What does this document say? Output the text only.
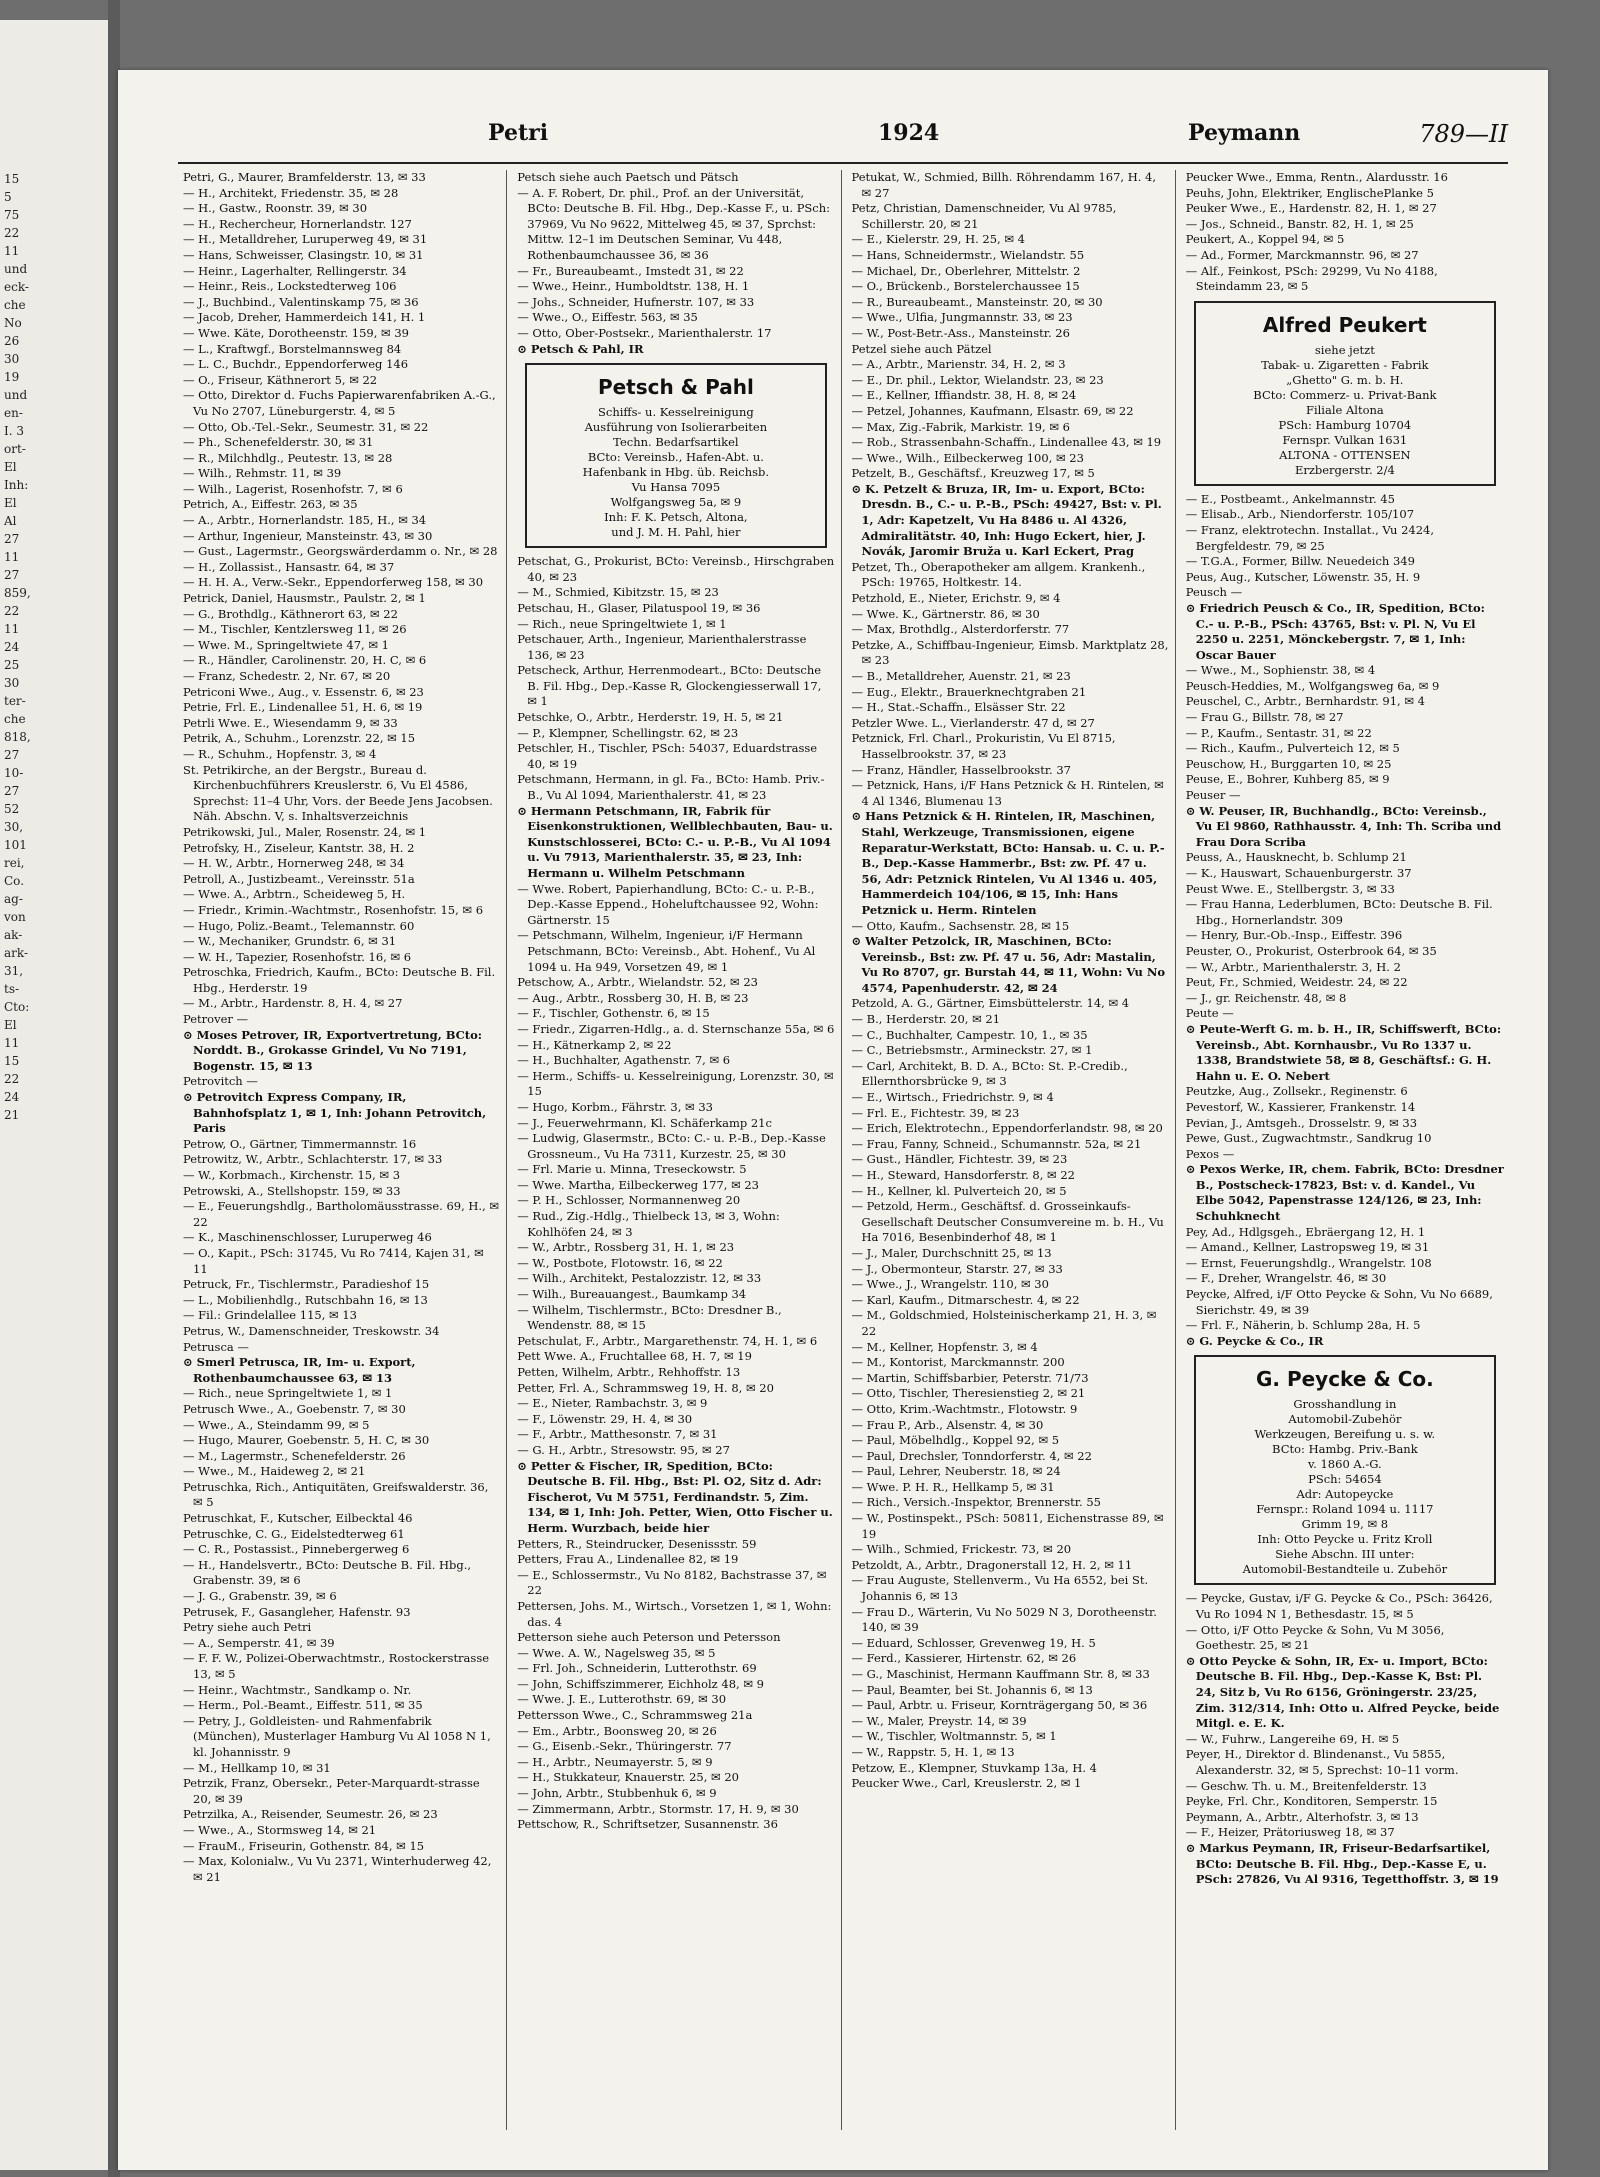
15
5
75
22
11
und
eck-
che
No
26
30
19
und
en-
I. 3
ort-
El
Inh:
El
Al
27
11
27
859,
22
11
24
25
30
ter-
che
818,
27
10-
27
52
30,
101
rei,
Co.
ag-
von
ak-
ark-
31,
ts-
Cto:
El
11
15
22
24
21
Petri	1924	Peymann	789—II
Petri, G., Maurer, Bramfelderstr. 13, ✉ 33
— H., Architekt, Friedenstr. 35, ✉ 28
— H., Gastw., Roonstr. 39, ✉ 30
— H., Rechercheur, Hornerlandstr. 127
— H., Metalldreher, Luruperweg 49, ✉ 31
— Hans, Schweisser, Clasingstr. 10, ✉ 31
— Heinr., Lagerhalter, Rellingerstr. 34
— Heinr., Reis., Lockstedterweg 106
— J., Buchbind., Valentinskamp 75, ✉ 36
— Jacob, Dreher, Hammerdeich 141, H. 1
— Wwe. Käte, Dorotheenstr. 159, ✉ 39
— L., Kraftwgf., Borstelmannsweg 84
— L. C., Buchdr., Eppendorferweg 146
— O., Friseur, Käthnerort 5, ✉ 22
— Otto, Direktor d. Fuchs Papierwarenfabriken A.-G., Vu No 2707, Lüneburgerstr. 4, ✉ 5
— Otto, Ob.-Tel.-Sekr., Seumestr. 31, ✉ 22
— Ph., Schenefelderstr. 30, ✉ 31
— R., Milchhdlg., Peutestr. 13, ✉ 28
— Wilh., Rehmstr. 11, ✉ 39
— Wilh., Lagerist, Rosenhofstr. 7, ✉ 6
Petrich, A., Eiffestr. 263, ✉ 35
— A., Arbtr., Hornerlandstr. 185, H., ✉ 34
— Arthur, Ingenieur, Mansteinstr. 43, ✉ 30
— Gust., Lagermstr., Georgswärderdamm o. Nr., ✉ 28
— H., Zollassist., Hansastr. 64, ✉ 37
— H. H. A., Verw.-Sekr., Eppendorferweg 158, ✉ 30
Petrick, Daniel, Hausmstr., Paulstr. 2, ✉ 1
— G., Brothdlg., Käthnerort 63, ✉ 22
— M., Tischler, Kentzlersweg 11, ✉ 26
— Wwe. M., Springeltwiete 47, ✉ 1
— R., Händler, Carolinenstr. 20, H. C, ✉ 6
— Franz, Schedestr. 2, Nr. 67, ✉ 20
Petriconi Wwe., Aug., v. Essenstr. 6, ✉ 23
Petrie, Frl. E., Lindenallee 51, H. 6, ✉ 19
Petrli Wwe. E., Wiesendamm 9, ✉ 33
Petrik, A., Schuhm., Lorenzstr. 22, ✉ 15
— R., Schuhm., Hopfenstr. 3, ✉ 4
St. Petrikirche, an der Bergstr., Bureau d. Kirchenbuchführers Kreuslerstr. 6, Vu El 4586, Sprechst: 11–4 Uhr, Vors. der Beede Jens Jacobsen. Näh. Abschn. V, s. Inhaltsverzeichnis
Petrikowski, Jul., Maler, Rosenstr. 24, ✉ 1
Petrofsky, H., Ziseleur, Kantstr. 38, H. 2
— H. W., Arbtr., Hornerweg 248, ✉ 34
Petroll, A., Justizbeamt., Vereinsstr. 51a
— Wwe. A., Arbtrn., Scheideweg 5, H.
— Friedr., Krimin.-Wachtmstr., Rosenhofstr. 15, ✉ 6
— Hugo, Poliz.-Beamt., Telemannstr. 60
— W., Mechaniker, Grundstr. 6, ✉ 31
— W. H., Tapezier, Rosenhofstr. 16, ✉ 6
Petroschka, Friedrich, Kaufm., BCto: Deutsche B. Fil. Hbg., Herderstr. 19
— M., Arbtr., Hardenstr. 8, H. 4, ✉ 27
Petrover —
⊙ Moses Petrover, IR, Exportvertretung, BCto: Norddt. B., Grokasse Grindel, Vu No 7191, Bogenstr. 15, ✉ 13
Petrovitch —
⊙ Petrovitch Express Company, IR, Bahnhofsplatz 1, ✉ 1, Inh: Johann Petrovitch, Paris
Petrow, O., Gärtner, Timmermannstr. 16
Petrowitz, W., Arbtr., Schlachterstr. 17, ✉ 33
— W., Korbmach., Kirchenstr. 15, ✉ 3
Petrowski, A., Stellshopstr. 159, ✉ 33
— E., Feuerungshdlg., Bartholomäusstrasse. 69, H., ✉ 22
— K., Maschinenschlosser, Luruperweg 46
— O., Kapit., PSch: 31745, Vu Ro 7414, Kajen 31, ✉ 11
Petruck, Fr., Tischlermstr., Paradieshof 15
— L., Mobilienhdlg., Rutschbahn 16, ✉ 13
— Fil.: Grindelallee 115, ✉ 13
Petrus, W., Damenschneider, Treskowstr. 34
Petrusca —
⊙ Smerl Petrusca, IR, Im- u. Export, Rothenbaumchaussee 63, ✉ 13
— Rich., neue Springeltwiete 1, ✉ 1
Petrusch Wwe., A., Goebenstr. 7, ✉ 30
— Wwe., A., Steindamm 99, ✉ 5
— Hugo, Maurer, Goebenstr. 5, H. C, ✉ 30
— M., Lagermstr., Schenefelderstr. 26
— Wwe., M., Haideweg 2, ✉ 21
Petruschka, Rich., Antiquitäten, Greifswalderstr. 36, ✉ 5
Petruschkat, F., Kutscher, Eilbecktal 46
Petruschke, C. G., Eidelstedterweg 61
— C. R., Postassist., Pinnebergerweg 6
— H., Handelsvertr., BCto: Deutsche B. Fil. Hbg., Grabenstr. 39, ✉ 6
— J. G., Grabenstr. 39, ✉ 6
Petrusek, F., Gasangleher, Hafenstr. 93
Petry siehe auch Petri
— A., Semperstr. 41, ✉ 39
— F. F. W., Polizei-Oberwachtmstr., Rostockerstrasse 13, ✉ 5
— Heinr., Wachtmstr., Sandkamp o. Nr.
— Herm., Pol.-Beamt., Eiffestr. 511, ✉ 35
— Petry, J., Goldleisten- und Rahmenfabrik (München), Musterlager Hamburg Vu Al 1058 N 1, kl. Johannisstr. 9
— M., Hellkamp 10, ✉ 31
Petrzik, Franz, Obersekr., Peter-Marquardt-strasse 20, ✉ 39
Petrzilka, A., Reisender, Seumestr. 26, ✉ 23
— Wwe., A., Stormsweg 14, ✉ 21
— FrauM., Friseurin, Gothenstr. 84, ✉ 15
— Max, Kolonialw., Vu Vu 2371, Winterhuderweg 42, ✉ 21
Petsch siehe auch Paetsch und Pätsch
— A. F. Robert, Dr. phil., Prof. an der Universität, BCto: Deutsche B. Fil. Hbg., Dep.-Kasse F., u. PSch: 37969, Vu No 9622, Mittelweg 45, ✉ 37, Sprchst: Mittw. 12–1 im Deutschen Seminar, Vu 448, Rothenbaumchaussee 36, ✉ 36
— Fr., Bureaubeamt., Imstedt 31, ✉ 22
— Wwe., Heinr., Humboldtstr. 138, H. 1
— Johs., Schneider, Hufnerstr. 107, ✉ 33
— Wwe., O., Eiffestr. 563, ✉ 35
— Otto, Ober-Postsekr., Marienthalerstr. 17
⊙ Petsch & Pahl, IR
Petsch & Pahl
Schiffs- u. Kesselreinigung
Ausführung von Isolierarbeiten
Techn. Bedarfsartikel
BCto: Vereinsb., Hafen-Abt. u.
Hafenbank in Hbg. üb. Reichsb.
Vu Hansa 7095
Wolfgangsweg 5a, ✉ 9
Inh: F. K. Petsch, Altona,
und J. M. H. Pahl, hier
Petschat, G., Prokurist, BCto: Vereinsb., Hirschgraben 40, ✉ 23
— M., Schmied, Kibitzstr. 15, ✉ 23
Petschau, H., Glaser, Pilatuspool 19, ✉ 36
— Rich., neue Springeltwiete 1, ✉ 1
Petschauer, Arth., Ingenieur, Marienthalerstrasse 136, ✉ 23
Petscheck, Arthur, Herrenmodeart., BCto: Deutsche B. Fil. Hbg., Dep.-Kasse R, Glockengiesserwall 17, ✉ 1
Petschke, O., Arbtr., Herderstr. 19, H. 5, ✉ 21
— P., Klempner, Schellingstr. 62, ✉ 23
Petschler, H., Tischler, PSch: 54037, Eduardstrasse 40, ✉ 19
Petschmann, Hermann, in gl. Fa., BCto: Hamb. Priv.-B., Vu Al 1094, Marienthalerstr. 41, ✉ 23
⊙ Hermann Petschmann, IR, Fabrik für Eisenkonstruktionen, Wellblechbauten, Bau- u. Kunstschlosserei, BCto: C.- u. P.-B., Vu Al 1094 u. Vu 7913, Marienthalerstr. 35, ✉ 23, Inh: Hermann u. Wilhelm Petschmann
— Wwe. Robert, Papierhandlung, BCto: C.- u. P.-B., Dep.-Kasse Eppend., Hoheluftchaussee 92, Wohn: Gärtnerstr. 15
— Petschmann, Wilhelm, Ingenieur, i/F Hermann Petschmann, BCto: Vereinsb., Abt. Hohenf., Vu Al 1094 u. Ha 949, Vorsetzen 49, ✉ 1
Petschow, A., Arbtr., Wielandstr. 52, ✉ 23
— Aug., Arbtr., Rossberg 30, H. B, ✉ 23
— F., Tischler, Gothenstr. 6, ✉ 15
— Friedr., Zigarren-Hdlg., a. d. Sternschanze 55a, ✉ 6
— H., Kätnerkamp 2, ✉ 22
— H., Buchhalter, Agathenstr. 7, ✉ 6
— Herm., Schiffs- u. Kesselreinigung, Lorenzstr. 30, ✉ 15
— Hugo, Korbm., Fährstr. 3, ✉ 33
— J., Feuerwehrmann, Kl. Schäferkamp 21c
— Ludwig, Glasermstr., BCto: C.- u. P.-B., Dep.-Kasse Grossneum., Vu Ha 7311, Kurzestr. 25, ✉ 30
— Frl. Marie u. Minna, Treseckowstr. 5
— Wwe. Martha, Eilbeckerweg 177, ✉ 23
— P. H., Schlosser, Normannenweg 20
— Rud., Zig.-Hdlg., Thielbeck 13, ✉ 3, Wohn: Kohlhöfen 24, ✉ 3
— W., Arbtr., Rossberg 31, H. 1, ✉ 23
— W., Postbote, Flotowstr. 16, ✉ 22
— Wilh., Architekt, Pestalozzistr. 12, ✉ 33
— Wilh., Bureauangest., Baumkamp 34
— Wilhelm, Tischlermstr., BCto: Dresdner B., Wendenstr. 88, ✉ 15
Petschulat, F., Arbtr., Margarethenstr. 74, H. 1, ✉ 6
Pett Wwe. A., Fruchtallee 68, H. 7, ✉ 19
Petten, Wilhelm, Arbtr., Rehhoffstr. 13
Petter, Frl. A., Schrammsweg 19, H. 8, ✉ 20
— E., Nieter, Rambachstr. 3, ✉ 9
— F., Löwenstr. 29, H. 4, ✉ 30
— F., Arbtr., Matthesonstr. 7, ✉ 31
— G. H., Arbtr., Stresowstr. 95, ✉ 27
⊙ Petter & Fischer, IR, Spedition, BCto: Deutsche B. Fil. Hbg., Bst: Pl. O2, Sitz d. Adr: Fischerot, Vu M 5751, Ferdinandstr. 5, Zim. 134, ✉ 1, Inh: Joh. Petter, Wien, Otto Fischer u. Herm. Wurzbach, beide hier
Petters, R., Steindrucker, Desenissstr. 59
Petters, Frau A., Lindenallee 82, ✉ 19
— E., Schlossermstr., Vu No 8182, Bachstrasse 37, ✉ 22
Pettersen, Johs. M., Wirtsch., Vorsetzen 1, ✉ 1, Wohn: das. 4
Petterson siehe auch Peterson und Petersson
— Wwe. A. W., Nagelsweg 35, ✉ 5
— Frl. Joh., Schneiderin, Lutterothstr. 69
— John, Schiffszimmerer, Eichholz 48, ✉ 9
— Wwe. J. E., Lutterothstr. 69, ✉ 30
Pettersson Wwe., C., Schrammsweg 21a
— Em., Arbtr., Boonsweg 20, ✉ 26
— G., Eisenb.-Sekr., Thüringerstr. 77
— H., Arbtr., Neumayerstr. 5, ✉ 9
— H., Stukkateur, Knauerstr. 25, ✉ 20
— John, Arbtr., Stubbenhuk 6, ✉ 9
— Zimmermann, Arbtr., Stormstr. 17, H. 9, ✉ 30
Pettschow, R., Schriftsetzer, Susannenstr. 36
Petukat, W., Schmied, Billh. Röhrendamm 167, H. 4, ✉ 27
Petz, Christian, Damenschneider, Vu Al 9785, Schillerstr. 20, ✉ 21
— E., Kielerstr. 29, H. 25, ✉ 4
— Hans, Schneidermstr., Wielandstr. 55
— Michael, Dr., Oberlehrer, Mittelstr. 2
— O., Brückenb., Borstelerchaussee 15
— R., Bureaubeamt., Mansteinstr. 20, ✉ 30
— Wwe., Ulfia, Jungmannstr. 33, ✉ 23
— W., Post-Betr.-Ass., Mansteinstr. 26
Petzel siehe auch Pätzel
— A., Arbtr., Marienstr. 34, H. 2, ✉ 3
— E., Dr. phil., Lektor, Wielandstr. 23, ✉ 23
— E., Kellner, Iffiandstr. 38, H. 8, ✉ 24
— Petzel, Johannes, Kaufmann, Elsastr. 69, ✉ 22
— Max, Zig.-Fabrik, Markistr. 19, ✉ 6
— Rob., Strassenbahn-Schaffn., Lindenallee 43, ✉ 19
— Wwe., Wilh., Eilbeckerweg 100, ✉ 23
Petzelt, B., Geschäftsf., Kreuzweg 17, ✉ 5
⊙ K. Petzelt & Bruza, IR, Im- u. Export, BCto: Dresdn. B., C.- u. P.-B., PSch: 49427, Bst: v. Pl. 1, Adr: Kapetzelt, Vu Ha 8486 u. Al 4326, Admiralitätstr. 40, Inh: Hugo Eckert, hier, J. Novák, Jaromir Bruža u. Karl Eckert, Prag
Petzet, Th., Oberapotheker am allgem. Krankenh., PSch: 19765, Holtkestr. 14.
Petzhold, E., Nieter, Erichstr. 9, ✉ 4
— Wwe. K., Gärtnerstr. 86, ✉ 30
— Max, Brothdlg., Alsterdorferstr. 77
Petzke, A., Schiffbau-Ingenieur, Eimsb. Marktplatz 28, ✉ 23
— B., Metalldreher, Auenstr. 21, ✉ 23
— Eug., Elektr., Brauerknechtgraben 21
— H., Stat.-Schaffn., Elsässer Str. 22
Petzler Wwe. L., Vierlanderstr. 47 d, ✉ 27
Petznick, Frl. Charl., Prokuristin, Vu El 8715, Hasselbrookstr. 37, ✉ 23
— Franz, Händler, Hasselbrookstr. 37
— Petznick, Hans, i/F Hans Petznick & H. Rintelen, ✉ 4 Al 1346, Blumenau 13
⊙ Hans Petznick & H. Rintelen, IR, Maschinen, Stahl, Werkzeuge, Transmissionen, eigene Reparatur-Werkstatt, BCto: Hansab. u. C. u. P.-B., Dep.-Kasse Hammerbr., Bst: zw. Pf. 47 u. 56, Adr: Petznick Rintelen, Vu Al 1346 u. 405, Hammerdeich 104/106, ✉ 15, Inh: Hans Petznick u. Herm. Rintelen
— Otto, Kaufm., Sachsenstr. 28, ✉ 15
⊙ Walter Petzolck, IR, Maschinen, BCto: Vereinsb., Bst: zw. Pf. 47 u. 56, Adr: Mastalin, Vu Ro 8707, gr. Burstah 44, ✉ 11, Wohn: Vu No 4574, Papenhuderstr. 42, ✉ 24
Petzold, A. G., Gärtner, Eimsbüttelerstr. 14, ✉ 4
— B., Herderstr. 20, ✉ 21
— C., Buchhalter, Campestr. 10, 1., ✉ 35
— C., Betriebsmstr., Armineckstr. 27, ✉ 1
— Carl, Architekt, B. D. A., BCto: St. P.-Credib., Ellernthorsbrücke 9, ✉ 3
— E., Wirtsch., Friedrichstr. 9, ✉ 4
— Frl. E., Fichtestr. 39, ✉ 23
— Erich, Elektrotechn., Eppendorferlandstr. 98, ✉ 20
— Frau, Fanny, Schneid., Schumannstr. 52a, ✉ 21
— Gust., Händler, Fichtestr. 39, ✉ 23
— H., Steward, Hansdorferstr. 8, ✉ 22
— H., Kellner, kl. Pulverteich 20, ✉ 5
— Petzold, Herm., Geschäftsf. d. Grosseinkaufs-Gesellschaft Deutscher Consumvereine m. b. H., Vu Ha 7016, Besenbinderhof 48, ✉ 1
— J., Maler, Durchschnitt 25, ✉ 13
— J., Obermonteur, Starstr. 27, ✉ 33
— Wwe., J., Wrangelstr. 110, ✉ 30
— Karl, Kaufm., Ditmarschestr. 4, ✉ 22
— M., Goldschmied, Holsteinischerkamp 21, H. 3, ✉ 22
— M., Kellner, Hopfenstr. 3, ✉ 4
— M., Kontorist, Marckmannstr. 200
— Martin, Schiffsbarbier, Peterstr. 71/73
— Otto, Tischler, Theresienstieg 2, ✉ 21
— Otto, Krim.-Wachtmstr., Flotowstr. 9
— Frau P., Arb., Alsenstr. 4, ✉ 30
— Paul, Möbelhdlg., Koppel 92, ✉ 5
— Paul, Drechsler, Tonndorferstr. 4, ✉ 22
— Paul, Lehrer, Neuberstr. 18, ✉ 24
— Wwe. P. H. R., Hellkamp 5, ✉ 31
— Rich., Versich.-Inspektor, Brennerstr. 55
— W., Postinspekt., PSch: 50811, Eichenstrasse 89, ✉ 19
— Wilh., Schmied, Frickestr. 73, ✉ 20
Petzoldt, A., Arbtr., Dragonerstall 12, H. 2, ✉ 11
— Frau Auguste, Stellenverm., Vu Ha 6552, bei St. Johannis 6, ✉ 13
— Frau D., Wärterin, Vu No 5029 N 3, Dorotheenstr. 140, ✉ 39
— Eduard, Schlosser, Grevenweg 19, H. 5
— Ferd., Kassierer, Hirtenstr. 62, ✉ 26
— G., Maschinist, Hermann Kauffmann Str. 8, ✉ 33
— Paul, Beamter, bei St. Johannis 6, ✉ 13
— Paul, Arbtr. u. Friseur, Kornträgergang 50, ✉ 36
— W., Maler, Preystr. 14, ✉ 39
— W., Tischler, Woltmannstr. 5, ✉ 1
— W., Rappstr. 5, H. 1, ✉ 13
Petzow, E., Klempner, Stuvkamp 13a, H. 4
Peucker Wwe., Carl, Kreuslerstr. 2, ✉ 1
Peucker Wwe., Emma, Rentn., Alardusstr. 16
Peuhs, John, Elektriker, EnglischePlanke 5
Peuker Wwe., E., Hardenstr. 82, H. 1, ✉ 27
— Jos., Schneid., Banstr. 82, H. 1, ✉ 25
Peukert, A., Koppel 94, ✉ 5
— Ad., Former, Marckmannstr. 96, ✉ 27
— Alf., Feinkost, PSch: 29299, Vu No 4188, Steindamm 23, ✉ 5
Alfred Peukert
siehe jetzt
Tabak- u. Zigaretten - Fabrik
„Ghetto" G. m. b. H.
BCto: Commerz- u. Privat-Bank
Filiale Altona
PSch: Hamburg 10704
Fernspr. Vulkan 1631
ALTONA - OTTENSEN
Erzbergerstr. 2/4
— E., Postbeamt., Ankelmannstr. 45
— Elisab., Arb., Niendorferstr. 105/107
— Franz, elektrotechn. Installat., Vu 2424, Bergfeldestr. 79, ✉ 25
— T.G.A., Former, Billw. Neuedeich 349
Peus, Aug., Kutscher, Löwenstr. 35, H. 9
Peusch —
⊙ Friedrich Peusch & Co., IR, Spedition, BCto: C.- u. P.-B., PSch: 43765, Bst: v. Pl. N, Vu El 2250 u. 2251, Mönckebergstr. 7, ✉ 1, Inh: Oscar Bauer
— Wwe., M., Sophienstr. 38, ✉ 4
Peusch-Heddies, M., Wolfgangsweg 6a, ✉ 9
Peuschel, C., Arbtr., Bernhardstr. 91, ✉ 4
— Frau G., Billstr. 78, ✉ 27
— P., Kaufm., Sentastr. 31, ✉ 22
— Rich., Kaufm., Pulverteich 12, ✉ 5
Peuschow, H., Burggarten 10, ✉ 25
Peuse, E., Bohrer, Kuhberg 85, ✉ 9
Peuser —
⊙ W. Peuser, IR, Buchhandlg., BCto: Vereinsb., Vu El 9860, Rathhausstr. 4, Inh: Th. Scriba und Frau Dora Scriba
Peuss, A., Hausknecht, b. Schlump 21
— K., Hauswart, Schauenburgerstr. 37
Peust Wwe. E., Stellbergstr. 3, ✉ 33
— Frau Hanna, Lederblumen, BCto: Deutsche B. Fil. Hbg., Hornerlandstr. 309
— Henry, Bur.-Ob.-Insp., Eiffestr. 396
Peuster, O., Prokurist, Osterbrook 64, ✉ 35
— W., Arbtr., Marienthalerstr. 3, H. 2
Peut, Fr., Schmied, Weidestr. 24, ✉ 22
— J., gr. Reichenstr. 48, ✉ 8
Peute —
⊙ Peute-Werft G. m. b. H., IR, Schiffswerft, BCto: Vereinsb., Abt. Kornhausbr., Vu Ro 1337 u. 1338, Brandstwiete 58, ✉ 8, Geschäftsf.: G. H. Hahn u. E. O. Nebert
Peutzke, Aug., Zollsekr., Reginenstr. 6
Pevestorf, W., Kassierer, Frankenstr. 14
Pevian, J., Amtsgeh., Drosselstr. 9, ✉ 33
Pewe, Gust., Zugwachtmstr., Sandkrug 10
Pexos —
⊙ Pexos Werke, IR, chem. Fabrik, BCto: Dresdner B., Postscheck-17823, Bst: v. d. Kandel., Vu Elbe 5042, Papenstrasse 124/126, ✉ 23, Inh: Schuhknecht
Pey, Ad., Hdlgsgeh., Ebräergang 12, H. 1
— Amand., Kellner, Lastropsweg 19, ✉ 31
— Ernst, Feuerungshdlg., Wrangelstr. 108
— F., Dreher, Wrangelstr. 46, ✉ 30
Peycke, Alfred, i/F Otto Peycke & Sohn, Vu No 6689, Sierichstr. 49, ✉ 39
— Frl. F., Näherin, b. Schlump 28a, H. 5
⊙ G. Peycke & Co., IR
G. Peycke & Co.
Grosshandlung in
Automobil-Zubehör
Werkzeugen, Bereifung u. s. w.
BCto: Hambg. Priv.-Bank
v. 1860 A.-G.
PSch: 54654
Adr: Autopeycke
Fernspr.: Roland 1094 u. 1117
Grimm 19, ✉ 8
Inh: Otto Peycke u. Fritz Kroll
Siehe Abschn. III unter:
Automobil-Bestandteile u. Zubehör
— Peycke, Gustav, i/F G. Peycke & Co., PSch: 36426, Vu Ro 1094 N 1, Bethesdastr. 15, ✉ 5
— Otto, i/F Otto Peycke & Sohn, Vu M 3056, Goethestr. 25, ✉ 21
⊙ Otto Peycke & Sohn, IR, Ex- u. Import, BCto: Deutsche B. Fil. Hbg., Dep.-Kasse K, Bst: Pl. 24, Sitz b, Vu Ro 6156, Gröningerstr. 23/25, Zim. 312/314, Inh: Otto u. Alfred Peycke, beide Mitgl. e. E. K.
— W., Fuhrw., Langereihe 69, H. ✉ 5
Peyer, H., Direktor d. Blindenanst., Vu 5855, Alexanderstr. 32, ✉ 5, Sprechst: 10–11 vorm.
— Geschw. Th. u. M., Breitenfelderstr. 13
Peyke, Frl. Chr., Konditoren, Semperstr. 15
Peymann, A., Arbtr., Alterhofstr. 3, ✉ 13
— F., Heizer, Prätoriusweg 18, ✉ 37
⊙ Markus Peymann, IR, Friseur-Bedarfsartikel, BCto: Deutsche B. Fil. Hbg., Dep.-Kasse E, u. PSch: 27826, Vu Al 9316, Tegetthoffstr. 3, ✉ 19
